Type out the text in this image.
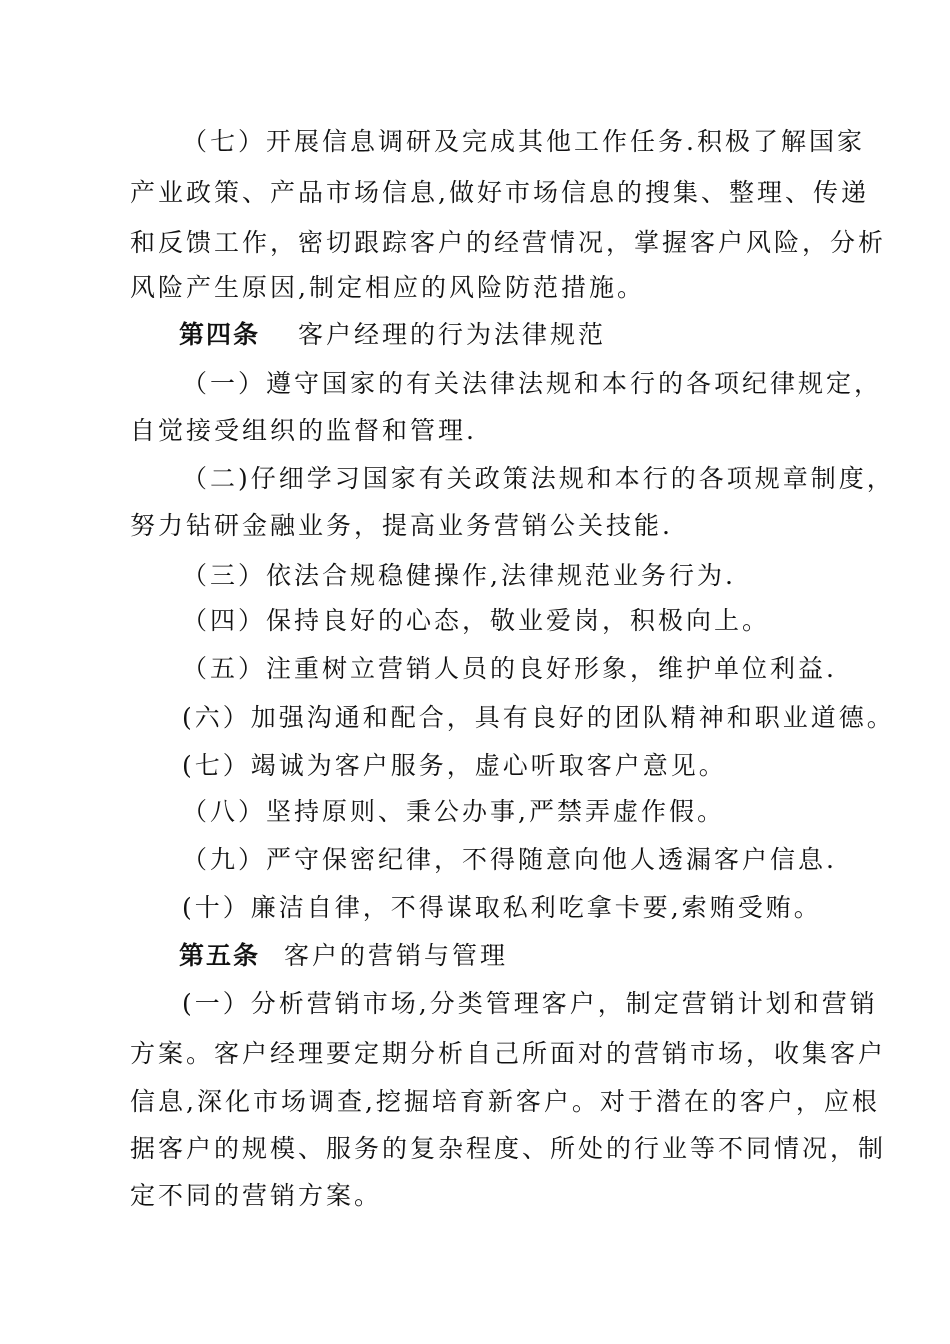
（七）开展信息调研及完成其他工作任务.积极了解国家
产业政策、产品市场信息,做好市场信息的搜集、整理、传递
和反馈工作，密切跟踪客户的经营情况，掌握客户风险，分析
风险产生原因,制定相应的风险防范措施。
第四条 客户经理的行为法律规范
（一）遵守国家的有关法律法规和本行的各项纪律规定，
自觉接受组织的监督和管理.
（二)仔细学习国家有关政策法规和本行的各项规章制度，
努力钻研金融业务，提高业务营销公关技能.
（三）依法合规稳健操作,法律规范业务行为.
（四）保持良好的心态，敬业爱岗，积极向上。
（五）注重树立营销人员的良好形象，维护单位利益.
(六）加强沟通和配合，具有良好的团队精神和职业道德。
(七）竭诚为客户服务，虚心听取客户意见。
（八）坚持原则、秉公办事,严禁弄虚作假。
（九）严守保密纪律，不得随意向他人透漏客户信息.
(十）廉洁自律，不得谋取私利吃拿卡要,索贿受贿。
第五条 客户的营销与管理
(一）分析营销市场,分类管理客户，制定营销计划和营销
方案。客户经理要定期分析自己所面对的营销市场，收集客户
信息,深化市场调查,挖掘培育新客户。对于潜在的客户，应根
据客户的规模、服务的复杂程度、所处的行业等不同情况，制
定不同的营销方案。
